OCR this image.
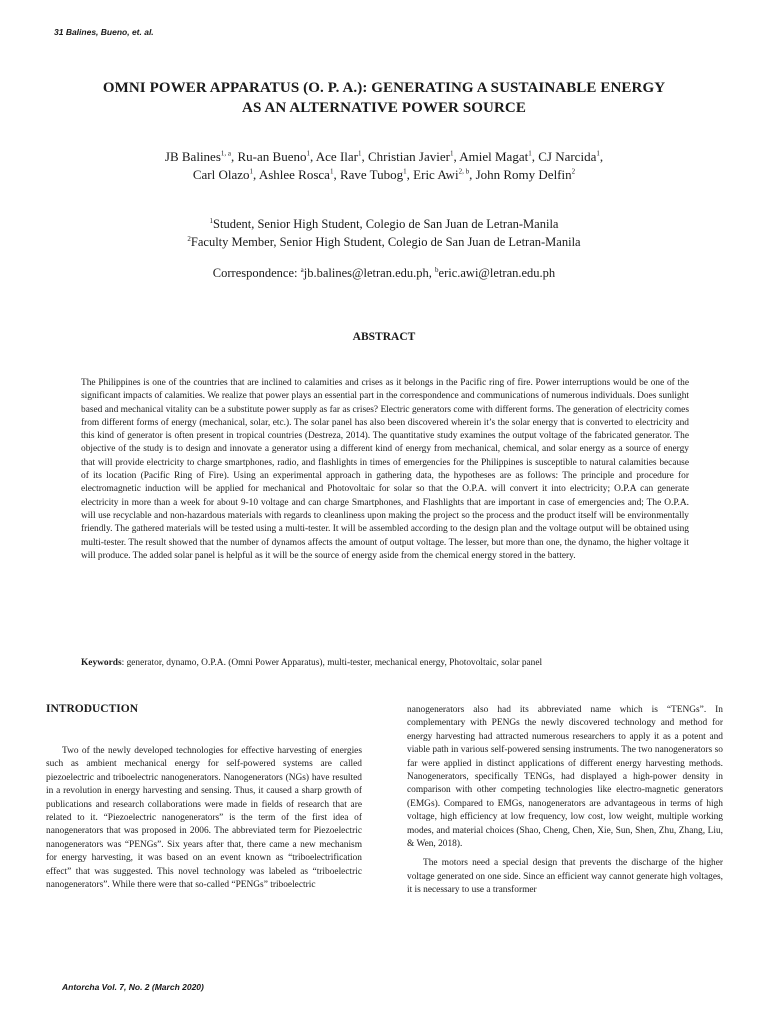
31 Balines, Bueno, et. al.
OMNI POWER APPARATUS (O. P. A.): GENERATING A SUSTAINABLE ENERGY
AS AN ALTERNATIVE POWER SOURCE
JB Balines$^{1, a}$, Ru-an Bueno$^1$, Ace Ilar$^1$, Christian Javier$^1$, Amiel Magat$^1$, CJ Narcida$^1$,
Carl Olazo$^1$, Ashlee Rosca$^1$, Rave Tubog$^1$, Eric Awi$^{2, b}$, John Romy Delfin$^2$
$^1$Student, Senior High Student, Colegio de San Juan de Letran-Manila
$^2$Faculty Member, Senior High Student, Colegio de San Juan de Letran-Manila
Correspondence: $^a$jb.balines@letran.edu.ph, $^b$eric.awi@letran.edu.ph
ABSTRACT
The Philippines is one of the countries that are inclined to calamities and crises as it belongs in the Pacific ring of fire. Power interruptions would be one of the significant impacts of calamities. We realize that power plays an essential part in the correspondence and communications of numerous individuals. Does sunlight based and mechanical vitality can be a substitute power supply as far as crises? Electric generators come with different forms. The generation of electricity comes from different forms of energy (mechanical, solar, etc.). The solar panel has also been discovered wherein it’s the solar energy that is converted to electricity and this kind of generator is often present in tropical countries (Destreza, 2014). The quantitative study examines the output voltage of the fabricated generator. The objective of the study is to design and innovate a generator using a different kind of energy from mechanical, chemical, and solar energy as a source of energy that will provide electricity to charge smartphones, radio, and flashlights in times of emergencies for the Philippines is susceptible to natural calamities because of its location (Pacific Ring of Fire). Using an experimental approach in gathering data, the hypotheses are as follows: The principle and procedure for electromagnetic induction will be applied for mechanical and Photovoltaic for solar so that the O.P.A. will convert it into electricity; O.P.A can generate electricity in more than a week for about 9-10 voltage and can charge Smartphones, and Flashlights that are important in case of emergencies and; The O.P.A. will use recyclable and non-hazardous materials with regards to cleanliness upon making the project so the process and the product itself will be environmentally friendly. The gathered materials will be tested using a multi-tester. It will be assembled according to the design plan and the voltage output will be obtained using multi-tester. The result showed that the number of dynamos affects the amount of output voltage. The lesser, but more than one, the dynamo, the higher voltage it will produce. The added solar panel is helpful as it will be the source of energy aside from the chemical energy stored in the battery.
Keywords: generator, dynamo, O.P.A. (Omni Power Apparatus), multi-tester, mechanical energy, Photovoltaic, solar panel
INTRODUCTION

Two of the newly developed technologies for effective harvesting of energies such as ambient mechanical energy for self-powered systems are called piezoelectric and triboelectric nanogenerators. Nanogenerators (NGs) have resulted in a revolution in energy harvesting and sensing. Thus, it caused a sharp growth of publications and research collaborations were made in fields of research that are related to it. “Piezoelectric nanogenerators” is the term of the first idea of nanogenerators that was proposed in 2006. The abbreviated term for Piezoelectric nanogenerators was “PENGs”. Six years after that, there came a new mechanism for energy harvesting, it was based on an event known as “triboelectrification effect” that was suggested. This novel technology was labeled as “triboelectric nanogenerators”. While there were that so-called “PENGs” triboelectric

nanogenerators also had its abbreviated name which is “TENGs”. In complementary with PENGs the newly discovered technology and method for energy harvesting had attracted numerous researchers to apply it as a potent and viable path in various self-powered sensing instruments. The two nanogenerators so far were applied in distinct applications of different energy harvesting methods. Nanogenerators, specifically TENGs, had displayed a high-power density in comparison with other competing technologies like electro-magnetic generators (EMGs). Compared to EMGs, nanogenerators are advantageous in terms of high voltage, high efficiency at low frequency, low cost, low weight, multiple working modes, and material choices (Shao, Cheng, Chen, Xie, Sun, Shen, Zhu, Zhang, Liu, & Wen, 2018).

The motors need a special design that prevents the discharge of the higher voltage generated on one side. Since an efficient way cannot generate high voltages, it is necessary to use a transformer

Antorcha Vol. 7, No. 2 (March 2020)
